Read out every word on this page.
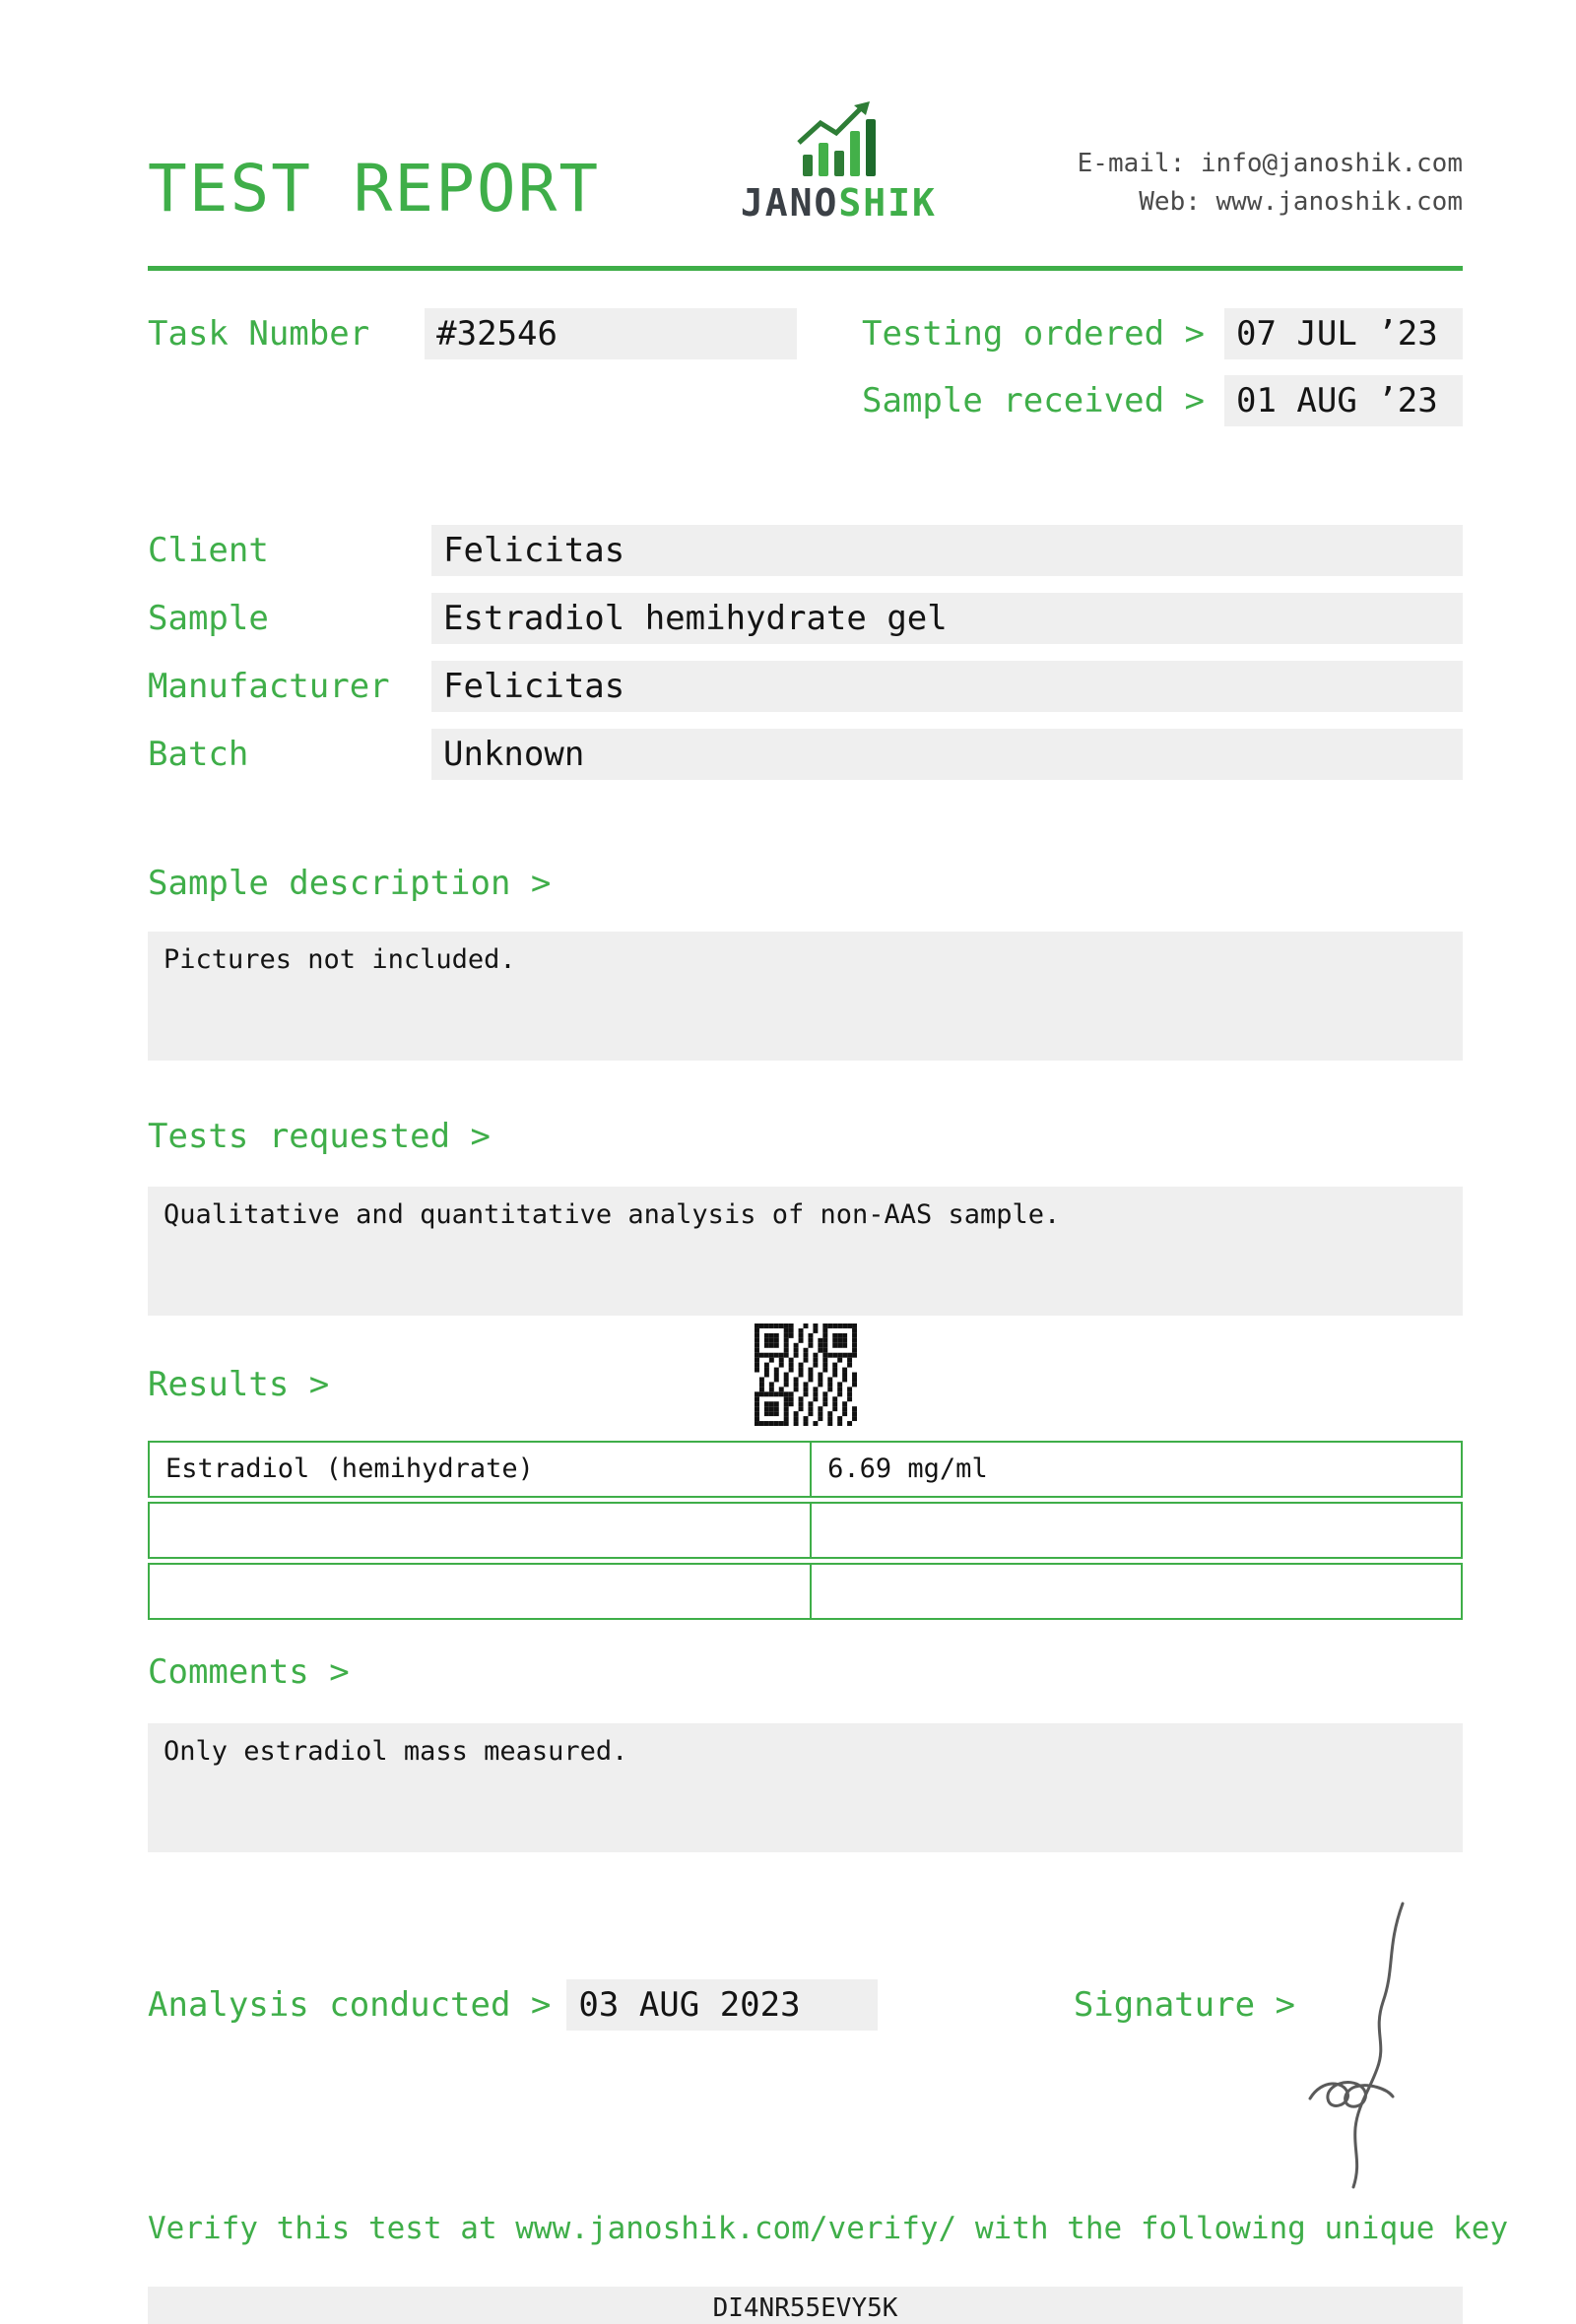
TEST REPORT	JANOSHIK
E-mail: info@janoshik.com
Web: www.janoshik.com
Task Number	#32546	Testing ordered > 07 JUL ’23
Sample received > 01 AUG ’23
Client	Felicitas
Sample	Estradiol hemihydrate gel
Manufacturer	Felicitas
Batch	Unknown
Sample description >

Pictures not included.

Tests requested >

Qualitative and quantitative analysis of non-AAS sample.

Results >
Estradiol (hemihydrate)	6.69 mg/ml
Comments >

Only estradiol mass measured.

Analysis conducted > 03 AUG 2023	Signature >
Verify this test at www.janoshik.com/verify/ with the following unique key
DI4NR55EVY5K
